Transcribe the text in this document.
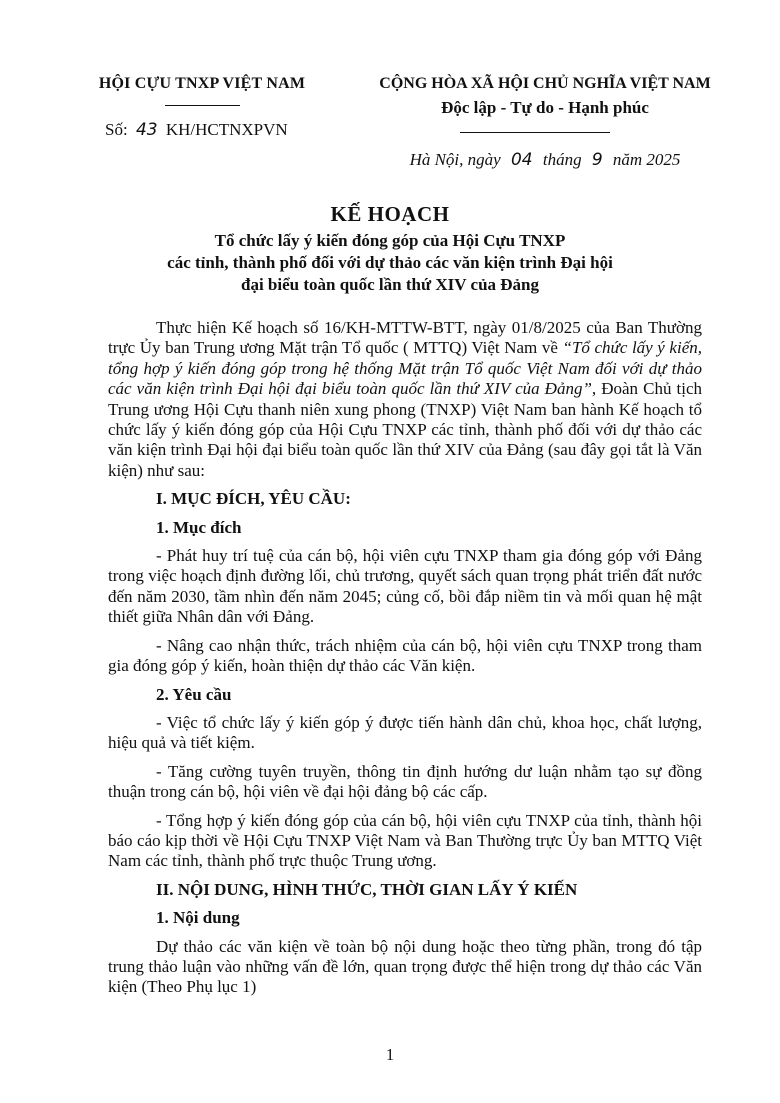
HỘI CỰU TNXP VIỆT NAM
Số: 43 KH/HCTNXPVN
CỘNG HÒA XÃ HỘI CHỦ NGHĨA VIỆT NAM
Độc lập - Tự do - Hạnh phúc
Hà Nội, ngày 04 tháng 9 năm 2025
KẾ HOẠCH
Tổ chức lấy ý kiến đóng góp của Hội Cựu TNXP
các tỉnh, thành phố đối với dự thảo các văn kiện trình Đại hội
đại biểu toàn quốc lần thứ XIV của Đảng

Thực hiện Kế hoạch số 16/KH-MTTW-BTT, ngày 01/8/2025 của Ban Thường trực Ủy ban Trung ương Mặt trận Tổ quốc ( MTTQ) Việt Nam về “Tổ chức lấy ý kiến, tổng hợp ý kiến đóng góp trong hệ thống Mặt trận Tổ quốc Việt Nam đối với dự thảo các văn kiện trình Đại hội đại biểu toàn quốc lần thứ XIV của Đảng”, Đoàn Chủ tịch Trung ương Hội Cựu thanh niên xung phong (TNXP) Việt Nam ban hành Kế hoạch tổ chức lấy ý kiến đóng góp của Hội Cựu TNXP các tỉnh, thành phố đối với dự thảo các văn kiện trình Đại hội đại biểu toàn quốc lần thứ XIV của Đảng (sau đây gọi tắt là Văn kiện) như sau:

I. MỤC ĐÍCH, YÊU CẦU:
1. Mục đích

- Phát huy trí tuệ của cán bộ, hội viên cựu TNXP tham gia đóng góp với Đảng trong việc hoạch định đường lối, chủ trương, quyết sách quan trọng phát triển đất nước đến năm 2030, tầm nhìn đến năm 2045; củng cố, bồi đắp niềm tin và mối quan hệ mật thiết giữa Nhân dân với Đảng.

- Nâng cao nhận thức, trách nhiệm của cán bộ, hội viên cựu TNXP trong tham gia đóng góp ý kiến, hoàn thiện dự thảo các Văn kiện.

2. Yêu cầu

- Việc tổ chức lấy ý kiến góp ý được tiến hành dân chủ, khoa học, chất lượng, hiệu quả và tiết kiệm.

- Tăng cường tuyên truyền, thông tin định hướng dư luận nhằm tạo sự đồng thuận trong cán bộ, hội viên về đại hội đảng bộ các cấp.

- Tổng hợp ý kiến đóng góp của cán bộ, hội viên cựu TNXP của tỉnh, thành hội báo cáo kịp thời về Hội Cựu TNXP Việt Nam và Ban Thường trực Ủy ban MTTQ Việt Nam các tỉnh, thành phố trực thuộc Trung ương.

II. NỘI DUNG, HÌNH THỨC, THỜI GIAN LẤY Ý KIẾN
1. Nội dung

Dự thảo các văn kiện về toàn bộ nội dung hoặc theo từng phần, trong đó tập trung thảo luận vào những vấn đề lớn, quan trọng được thể hiện trong dự thảo các Văn kiện (Theo Phụ lục 1)

1
